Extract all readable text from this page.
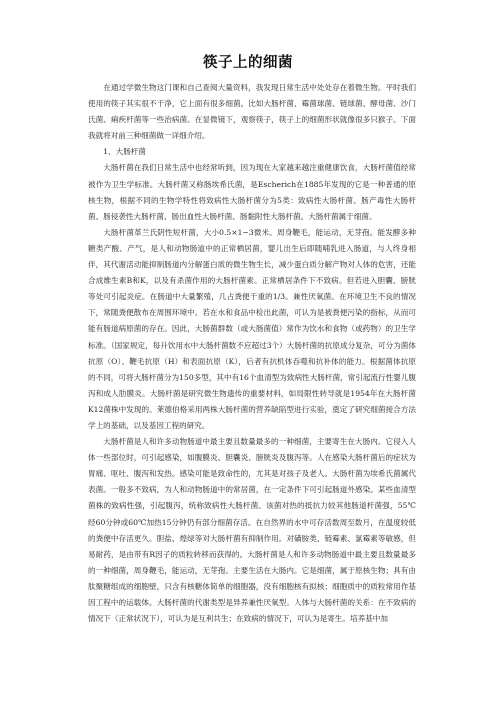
筷子上的细菌

在通过学微生物这门课和自己查阅大量资料，我发现日常生活中处处存在着微生物。平时我们使用的筷子其实很不干净，它上面有很多细菌。比如大肠杆菌、霉菌球菌、链球菌、酵母菌、沙门氏菌、痢疾杆菌等一些治病菌。在显微镜下，观察筷子，筷子上的细菌形状就像很多只猴子。下面我就将对前三种细菌做一详细介绍。

1、大肠杆菌

大肠杆菌在我们日常生活中也经常听到，因为现在大家越来越注重健康饮食，大肠杆菌值经常被作为卫生学标准。大肠杆菌又称肠埃希氏菌，是Escherich在1885年发现的它是一种普通的原核生物，根据不同的生物学特性将致病性大肠杆菌分为5类：致病性大肠杆菌、肠产毒性大肠杆菌、肠侵袭性大肠杆菌、肠出血性大肠杆菌、肠黏附性大肠杆菌。大肠杆菌属于细菌。

大肠杆菌革兰氏阴性短杆菌，大小0.5×1~3微米。周身鞭毛，能运动，无芽孢。能发酵多种糖类产酸、产气，是人和动物肠道中的正常栖居菌，婴儿出生后即随哺乳进入肠道，与人终身相伴，其代谢活动能抑制肠道内分解蛋白质的微生物生长，减少蛋白质分解产物对人体的危害，还能合成维生素B和K，以及有杀菌作用的大肠杆菌素。正常栖居条件下不致病。但若进入胆囊、膀胱等处可引起炎症。在肠道中大量繁殖，几占粪便干重的1/3。兼性厌氧菌。在环境卫生不良的情况下，常随粪便散布在周围环境中。若在水和食品中检出此菌，可认为是被粪便污染的指标，从而可能有肠道病原菌的存在。因此，大肠菌群数（或大肠菌值）常作为饮水和食物（或药物）的卫生学标准。（国家规定，每升饮用水中大肠杆菌数不应超过3个）大肠杆菌的抗原成分复杂，可分为菌体抗原（O）、鞭毛抗原（H）和表面抗原（K），后者有抗机体吞噬和抗补体的能力。根据菌体抗原的不同，可将大肠杆菌分为150多型，其中有16个血清型为致病性大肠杆菌，常引起流行性婴儿腹泻和成人肋膜炎。大肠杆菌是研究微生物遗传的重要材料，如局限性转导就是1954年在大肠杆菌K12菌株中发现的。莱德伯格采用两株大肠杆菌的营养缺陷型进行实验，奠定了研究细菌接合方法学上的基础，以及基因工程的研究。

大肠杆菌是人和许多动物肠道中最主要且数量最多的一种细菌，主要寄生在大肠内。它侵入人体一些部位时，可引起感染，如腹膜炎、胆囊炎、膀胱炎及腹泻等。人在感染大肠杆菌后的症状为胃痛、呕吐、腹泻和发热。感染可能是致命性的，尤其是对孩子及老人。大肠杆菌为埃希氏菌属代表菌。一般多不致病，为人和动物肠道中的常居菌，在一定条件下可引起肠道外感染。某些血清型菌株的致病性强，引起腹泻，统称致病性大肠杆菌。该菌对热的抵抗力较其他肠道杆菌强，55℃经60分钟或60℃加热15分钟仍有部分细菌存活。在自然界的水中可存活数周至数月，在温度较低的粪便中存活更久。胆盐、煌绿等对大肠杆菌有抑制作用。对磺胺类、链霉素、氯霉素等敏感，但易耐药，是由带有R因子的质粒转移而获得的。大肠杆菌是人和许多动物肠道中最主要且数量最多的一种细菌，周身鞭毛，能运动，无芽孢。主要生活在大肠内。它是细菌，属于原核生物；具有由肽聚糖组成的细胞壁，只含有核糖体简单的细胞器，没有细胞核有拟核；细胞质中的质粒常用作基因工程中的运载体。大肠杆菌的代谢类型是异养兼性厌氧型。人体与大肠杆菌的关系：在不致病的情况下（正常状况下），可认为是互利共生；在致病的情况下，可认为是寄生。培养基中加
